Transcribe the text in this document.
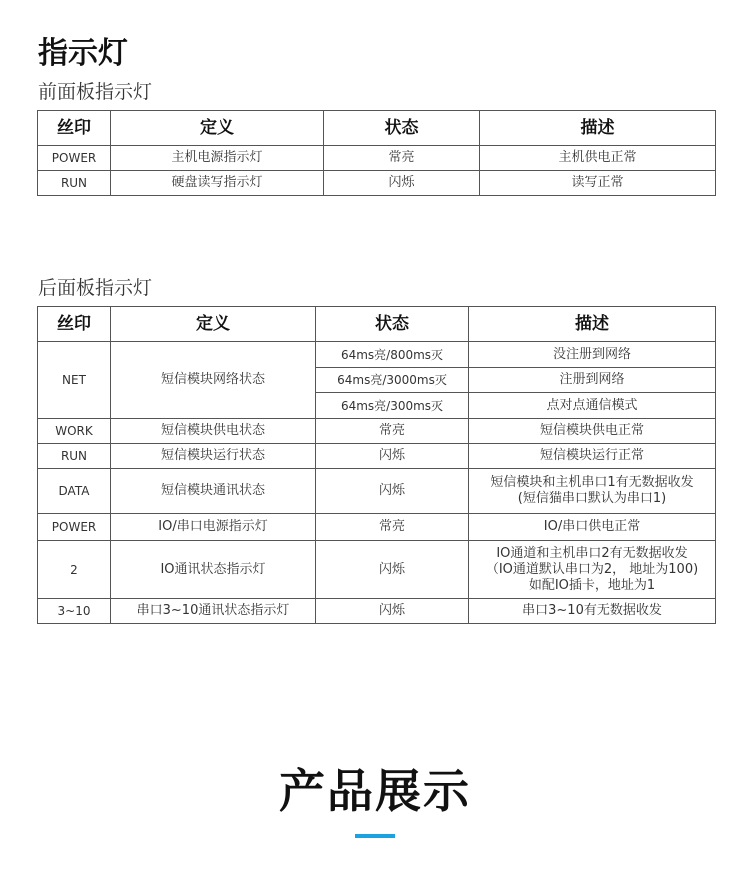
指示灯
前面板指示灯
丝印	定义	状态	描述
POWER	主机电源指示灯	常亮	主机供电正常
RUN	硬盘读写指示灯	闪烁	读写正常
后面板指示灯
丝印	定义	状态	描述
NET	短信模块网络状态	64ms亮/800ms灭	没注册到网络
		64ms亮/3000ms灭	注册到网络
		64ms亮/300ms灭	点对点通信模式
WORK	短信模块供电状态	常亮	短信模块供电正常
RUN	短信模块运行状态	闪烁	短信模块运行正常
DATA	短信模块通讯状态	闪烁	短信模块和主机串口1有无数据收发
(短信猫串口默认为串口1)

POWER	IO/串口电源指示灯	常亮	IO/串口供电正常
2	IO通讯状态指示灯	闪烁	IO通道和主机串口2有无数据收发
（IO通道默认串口为2， 地址为100)
如配IO插卡，地址为1

3~10	串口3~10通讯状态指示灯	闪烁	串口3~10有无数据收发
产品展示
